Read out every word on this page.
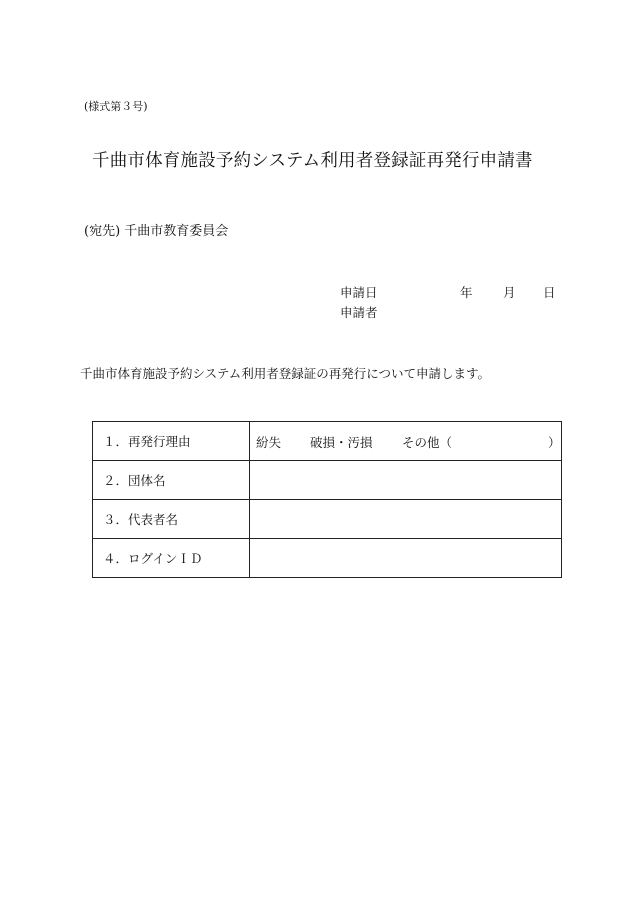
(様式第３号)
千曲市体育施設予約システム利用者登録証再発行申請書
(宛先) 千曲市教育委員会
申請日	年 月 日
申請者
千曲市体育施設予約システム利用者登録証の再発行について申請します。
１．再発行理由	紛失 破損・汚損 その他（ ）

２．団体名	
３．代表者名	
４．ログインＩＤ	
